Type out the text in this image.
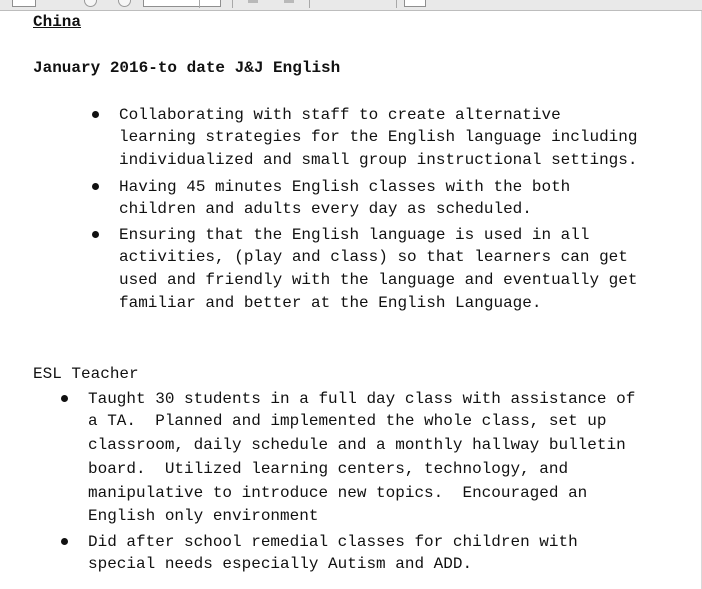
China
January 2016-to date J&J English
Collaborating with staff to create alternative
learning strategies for the English language including
individualized and small group instructional settings.
Having 45 minutes English classes with the both
children and adults every day as scheduled.
Ensuring that the English language is used in all
activities, (play and class) so that learners can get
used and friendly with the language and eventually get
familiar and better at the English Language.
ESL Teacher
Taught 30 students in a full day class with assistance of
a TA.  Planned and implemented the whole class, set up
classroom, daily schedule and a monthly hallway bulletin
board.  Utilized learning centers, technology, and
manipulative to introduce new topics.  Encouraged an
English only environment
Did after school remedial classes for children with
special needs especially Autism and ADD.
